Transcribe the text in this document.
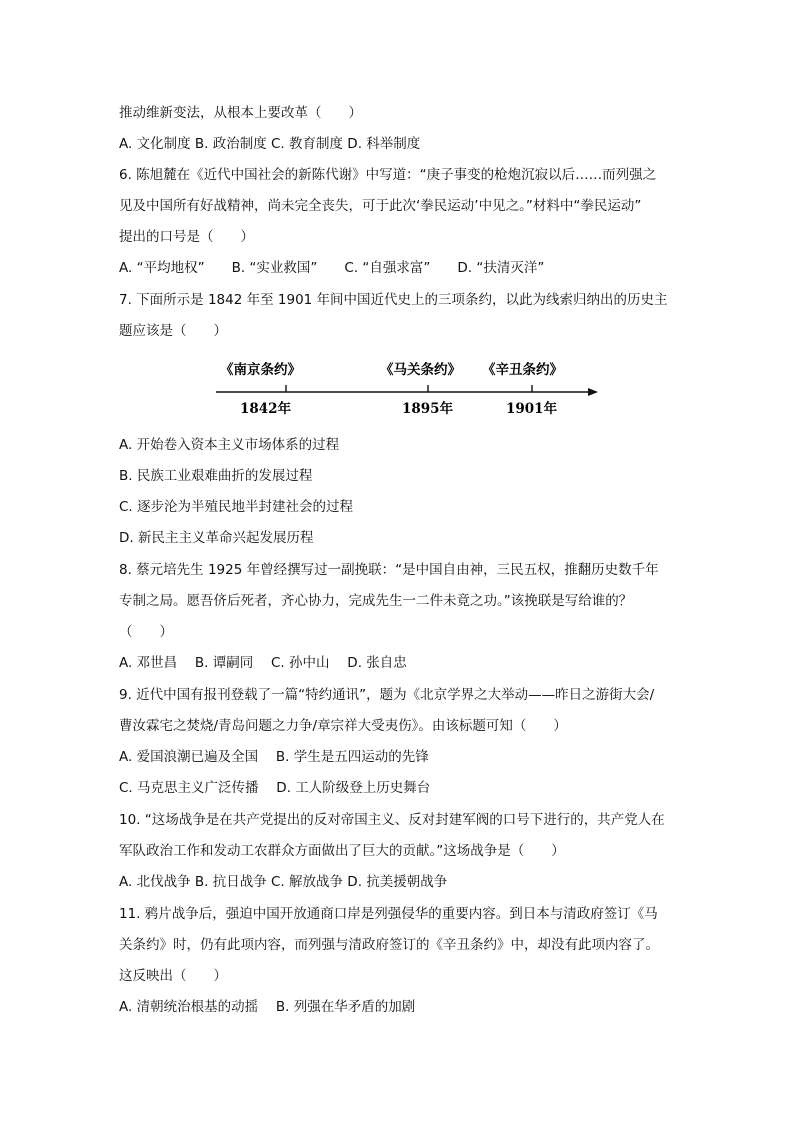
推动维新变法，从根本上要改革（　　）
A. 文化制度 B. 政治制度 C. 教育制度 D. 科举制度
6. 陈旭麓在《近代中国社会的新陈代谢》中写道：“庚子事变的枪炮沉寂以后……而列强之
见及中国所有好战精神，尚未完全丧失，可于此次‘拳民运动’中见之。”材料中“拳民运动”
提出的口号是（　　）
A. “平均地权”　　B. “实业救国”　　C. “自强求富”　　D. “扶清灭洋”
7. 下面所示是 1842 年至 1901 年间中国近代史上的三项条约，以此为线索归纳出的历史主
题应该是（　　）
《南京条约》	《马关条约》 《辛丑条约》
1842年	1895年	1901年
A. 开始卷入资本主义市场体系的过程
B. 民族工业艰难曲折的发展过程
C. 逐步沦为半殖民地半封建社会的过程
D. 新民主主义革命兴起发展历程
8. 蔡元培先生 1925 年曾经撰写过一副挽联：“是中国自由神，三民五权，推翻历史数千年
专制之局。愿吾侪后死者，齐心协力，完成先生一二件未竟之功。”该挽联是写给谁的？
（　　）
A. 邓世昌　 B. 谭嗣同　 C. 孙中山　 D. 张自忠
9. 近代中国有报刊登载了一篇“特约通讯”，题为《北京学界之大举动——昨日之游街大会/
曹汝霖宅之焚烧/青岛问题之力争/章宗祥大受夷伤》。由该标题可知（　　）
A. 爱国浪潮已遍及全国　 B. 学生是五四运动的先锋
C. 马克思主义广泛传播　 D. 工人阶级登上历史舞台
10. “这场战争是在共产党提出的反对帝国主义、反对封建军阀的口号下进行的，共产党人在
军队政治工作和发动工农群众方面做出了巨大的贡献。”这场战争是（　　）
A. 北伐战争 B. 抗日战争 C. 解放战争 D. 抗美援朝战争
11. 鸦片战争后，强迫中国开放通商口岸是列强侵华的重要内容。到日本与清政府签订《马
关条约》时，仍有此项内容，而列强与清政府签订的《辛丑条约》中，却没有此项内容了。
这反映出（　　）
A. 清朝统治根基的动摇　 B. 列强在华矛盾的加剧
